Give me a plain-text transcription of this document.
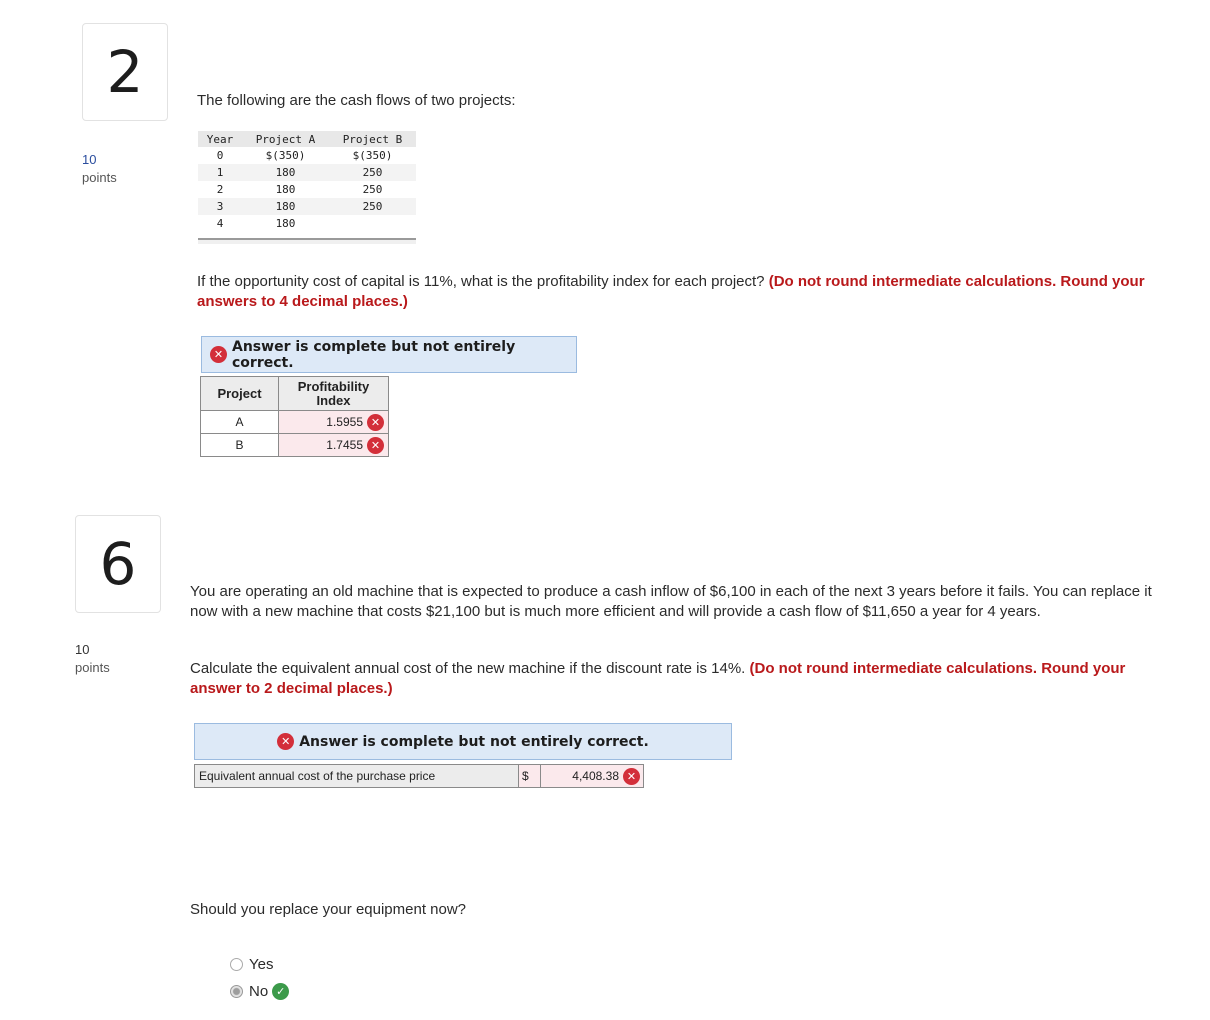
2
10
points
The following are the cash flows of two projects:
Year	Project A	Project B
0	$(350)	$(350)
1	180	250
2	180	250
3	180	250
4	180	
If the opportunity cost of capital is 11%, what is the profitability index for each project? (Do not round intermediate calculations. Round your answers to 4 decimal places.)
✕ Answer is complete but not entirely correct.
Project	Profitability Index
A	1.5955 ✕

B	1.7455 ✕
6
10
points
You are operating an old machine that is expected to produce a cash inflow of $6,100 in each of the next 3 years before it fails. You can replace it now with a new machine that costs $21,100 but is much more efficient and will provide a cash flow of $11,650 a year for 4 years.
Calculate the equivalent annual cost of the new machine if the discount rate is 14%. (Do not round intermediate calculations. Round your answer to 2 decimal places.)
✕ Answer is complete but not entirely correct.
Equivalent annual cost of the purchase price	$	4,408.38 ✕
Should you replace your equipment now?
Yes
No ✓
